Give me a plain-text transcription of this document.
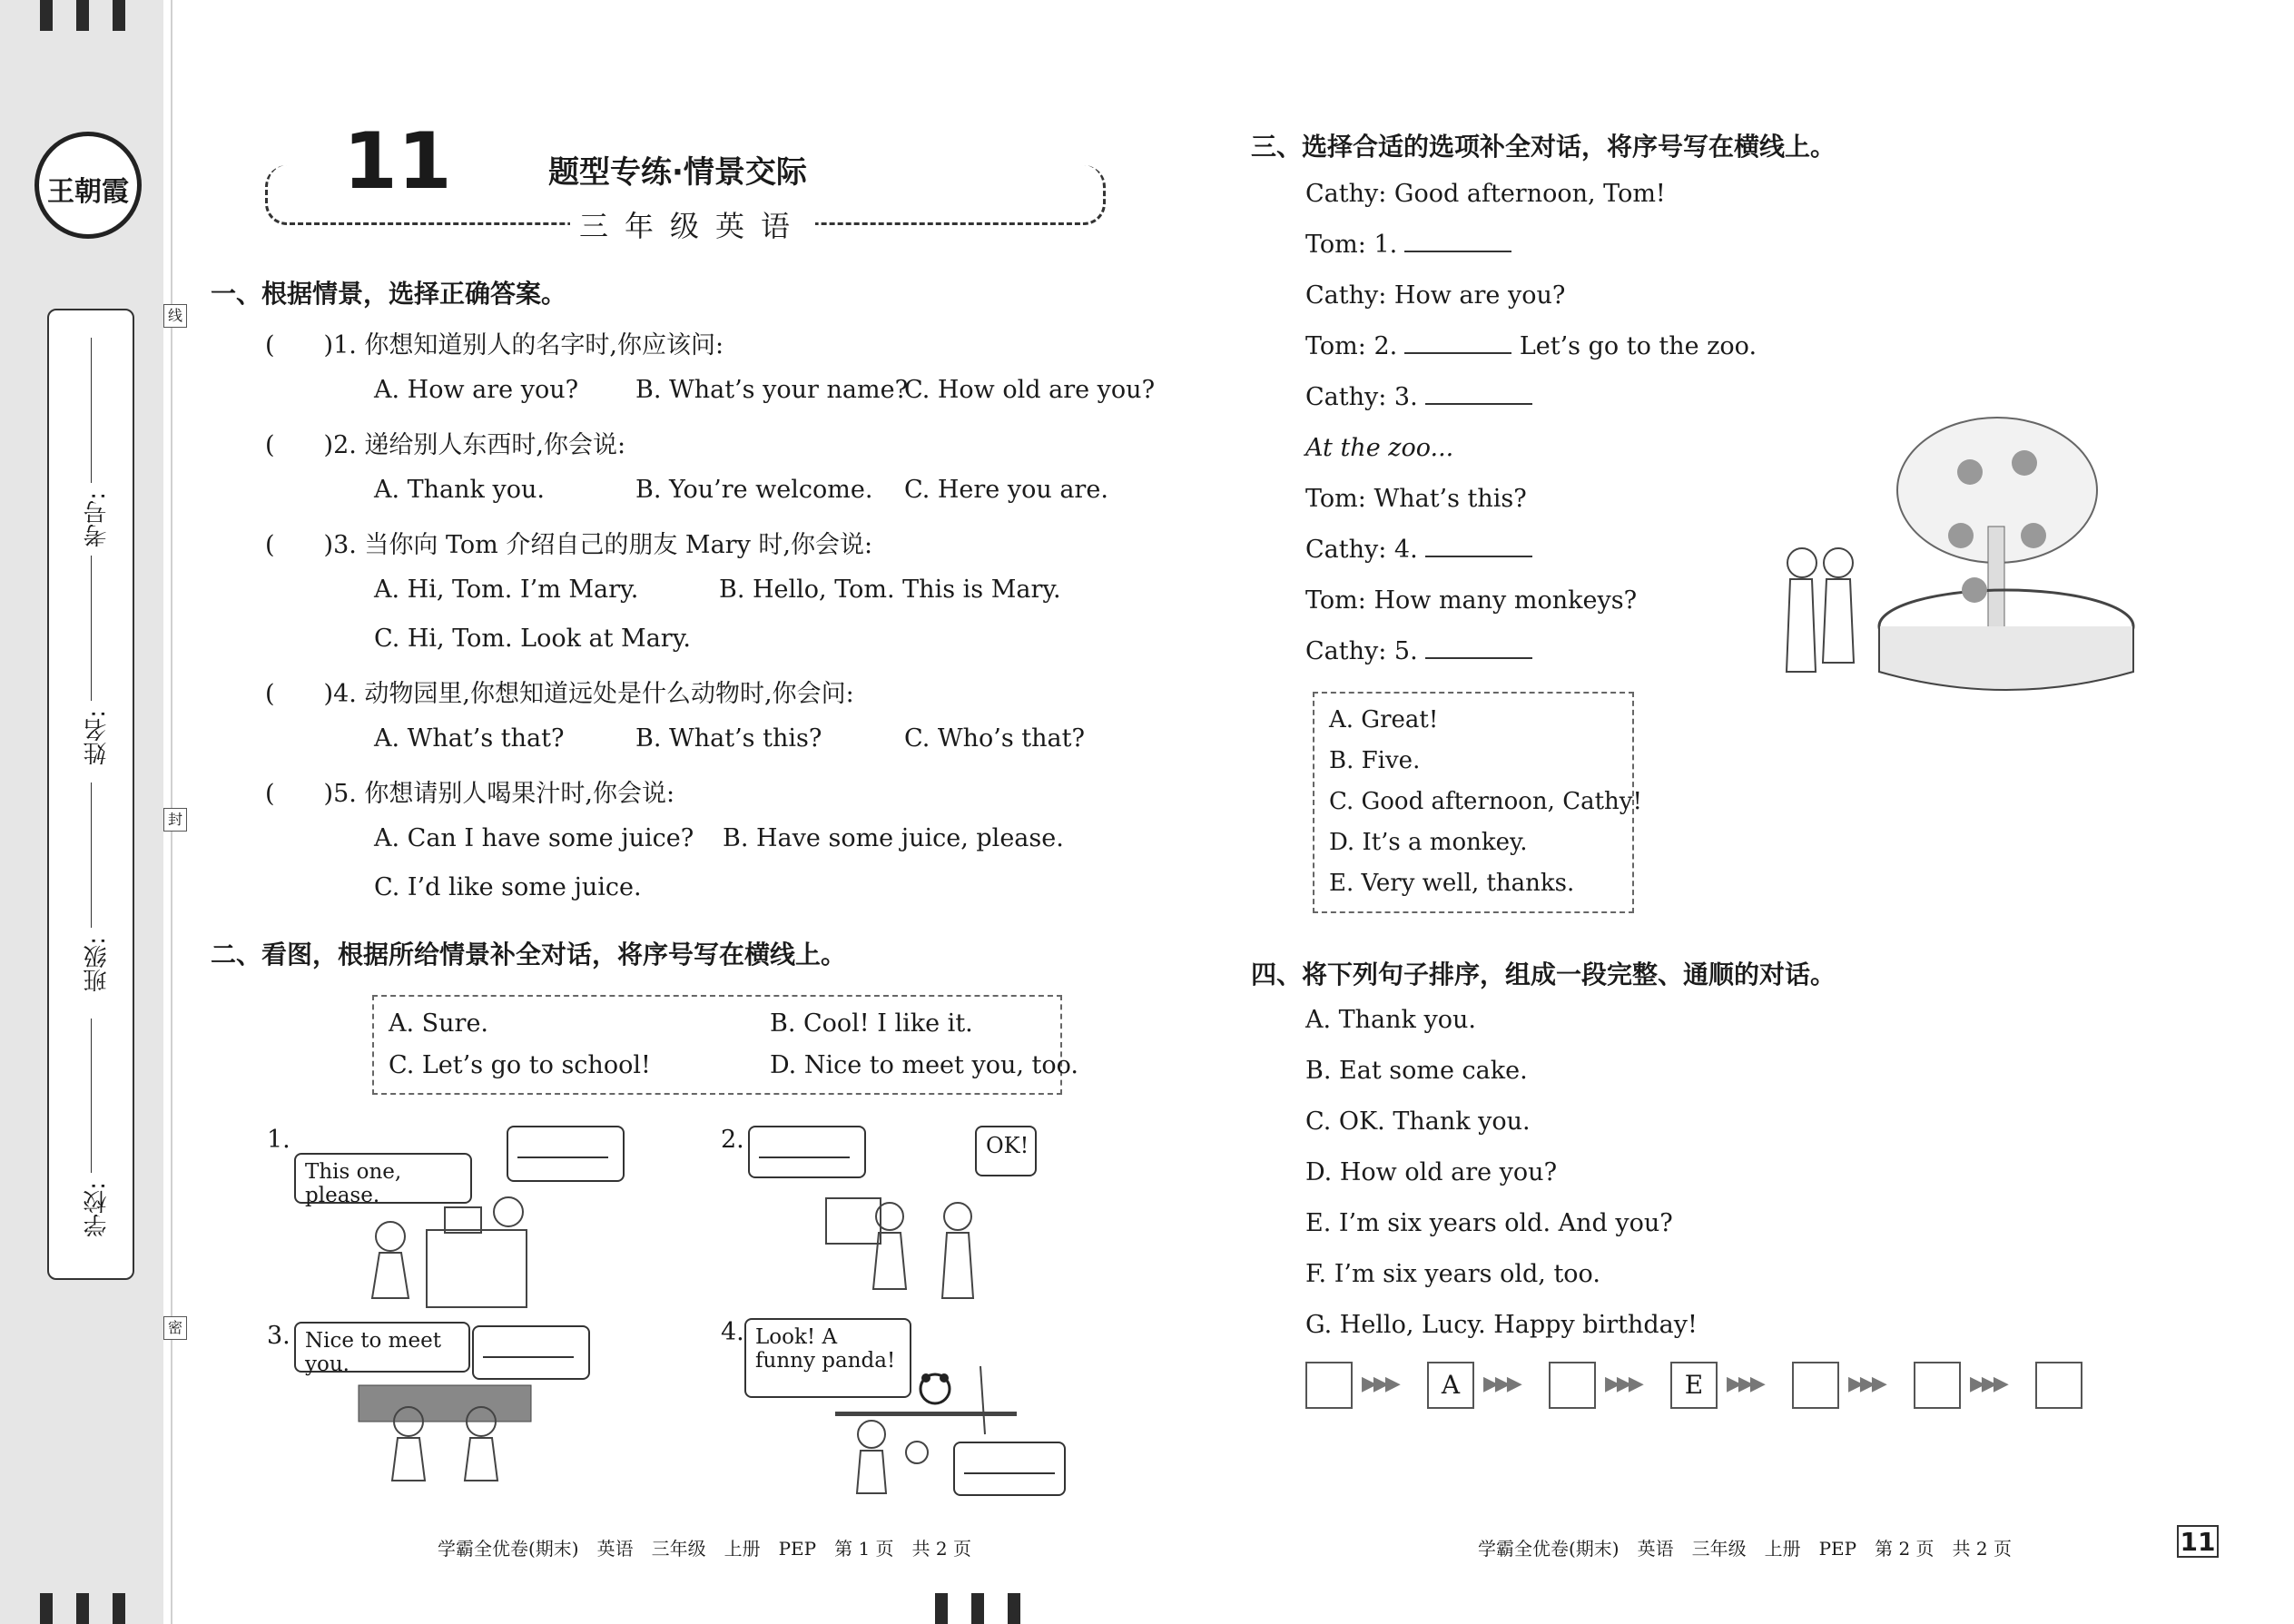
王朝霞
考号:
姓名:
班级:
学校:
线
封
密
11	题型专练·情景交际
三年级英语
一、根据情景，选择正确答案。
(　　)1. 你想知道别人的名字时,你应该问:
A. How are you? B. What’s your name?
C. How old are you?
(　　)2. 递给别人东西时,你会说:
A. Thank you.	B. You’re welcome. C. Here you are.
(　　)3. 当你向 Tom 介绍自己的朋友 Mary 时,你会说:
A. Hi, Tom. I’m Mary.	B. Hello, Tom. This is Mary.
C. Hi, Tom. Look at Mary.
(　　)4. 动物园里,你想知道远处是什么动物时,你会问:
A. What’s that?	B. What’s this?	C. Who’s that?
(　　)5. 你想请别人喝果汁时,你会说:
A. Can I have some juice? B. Have some juice, please.
C. I’d like some juice.
二、看图，根据所给情景补全对话，将序号写在横线上。
A. Sure.	B. Cool! I like it.
C. Let’s go to school!	D. Nice to meet you, too.
1.
This one, please.
2.	OK!
3. Nice to meet you.
4. Look! A funny panda!
三、选择合适的选项补全对话，将序号写在横线上。
Cathy: Good afternoon, Tom!
Tom: 1.
Cathy: How are you?
Tom: 2.	Let’s go to the zoo.
Cathy: 3.
At the zoo...
Tom: What’s this?
Cathy: 4.
Tom: How many monkeys?
Cathy: 5.
A. Great!
B. Five.
C. Good afternoon, Cathy!
D. It’s a monkey.
E. Very well, thanks.
四、将下列句子排序，组成一段完整、通顺的对话。
A. Thank you.
B. Eat some cake.
C. OK. Thank you.
D. How old are you?
E. I’m six years old. And you?
F. I’m six years old, too.
G. Hello, Lucy. Happy birthday!
▶▶▶	A	▶▶▶	▶▶▶	E	▶▶▶	▶▶▶	▶▶▶
学霸全优卷(期末)　英语　三年级　上册　PEP　第 1 页　共 2 页	学霸全优卷(期末)　英语　三年级　上册　PEP　第 2 页　共 2 页	11
